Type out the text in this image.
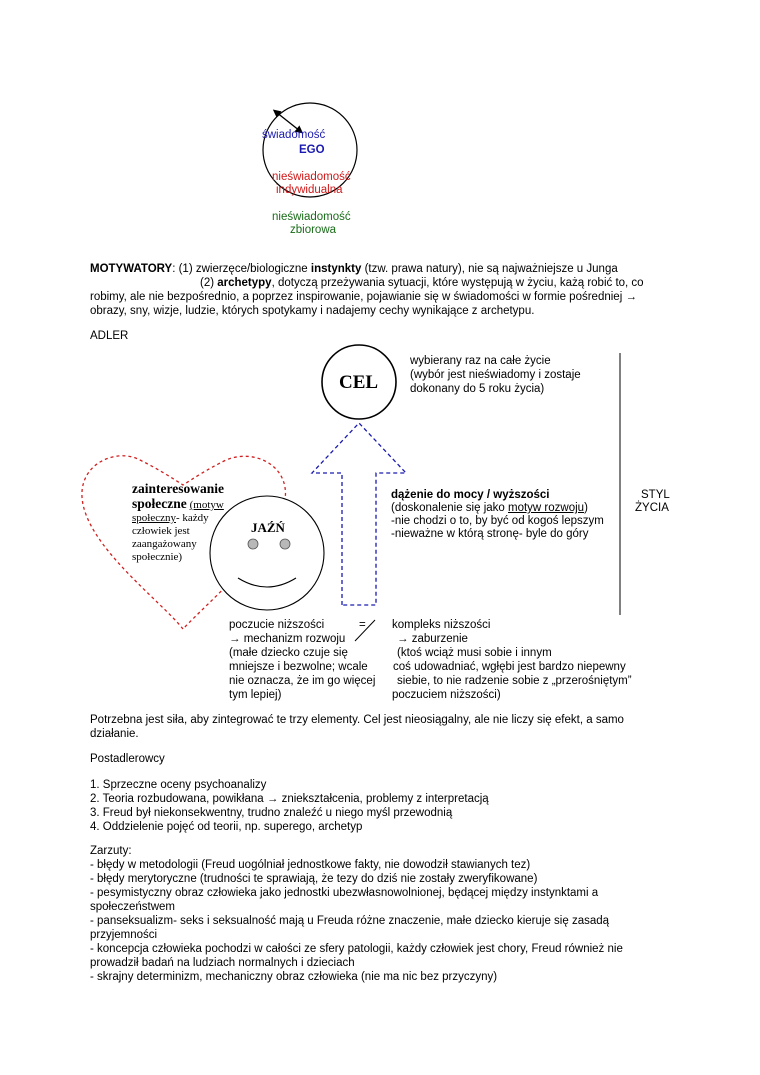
świadomość
EGO
nieświadomość
indywidualna
nieświadomość
zbiorowa
MOTYWATORY: (1) zwierzęce/biologiczne instynkty (tzw. prawa natury), nie są najważniejsze u Junga
(2) archetypy, dotyczą przeżywania sytuacji, które występują w życiu, każą robić to, co
robimy, ale nie bezpośrednio, a poprzez inspirowanie, pojawianie się w świadomości w formie pośredniej →
obrazy, sny, wizje, ludzie, których spotykamy i nadajemy cechy wynikające z archetypu.
ADLER
CEL
wybierany raz na całe życie
(wybór jest nieświadomy i zostaje
dokonany do 5 roku życia)
STYL
ŻYCIA
zainteresowanie
społeczne (motyw
społeczny- każdy
człowiek jest
zaangażowany
społecznie)
JAŹŃ
dążenie do mocy / wyższości
(doskonalenie się jako motyw rozwoju)
-nie chodzi o to, by być od kogoś lepszym
-nieważne w którą stronę- byle do góry
poczucie niższości
→ mechanizm rozwoju
(małe dziecko czuje się
mniejsze i bezwolne; wcale
nie oznacza, że im go więcej
tym lepiej)
= kompleks niższości
→ zaburzenie
(ktoś wciąż musi sobie i innym
coś udowadniać, wgłębi jest bardzo niepewny
siebie, to nie radzenie sobie z „przerośniętym”
poczuciem niższości)
Potrzebna jest siła, aby zintegrować te trzy elementy. Cel jest nieosiągalny, ale nie liczy się efekt, a samo
działanie.
Postadlerowcy
1. Sprzeczne oceny psychoanalizy
2. Teoria rozbudowana, powikłana → zniekształcenia, problemy z interpretacją
3. Freud był niekonsekwentny, trudno znaleźć u niego myśl przewodnią
4. Oddzielenie pojęć od teorii, np. superego, archetyp
Zarzuty:
- błędy w metodologii (Freud uogólniał jednostkowe fakty, nie dowodził stawianych tez)
- błędy merytoryczne (trudności te sprawiają, że tezy do dziś nie zostały zweryfikowane)
- pesymistyczny obraz człowieka jako jednostki ubezwłasnowolnionej, będącej między instynktami a
społeczeństwem
- panseksualizm- seks i seksualność mają u Freuda różne znaczenie, małe dziecko kieruje się zasadą
przyjemności
- koncepcja człowieka pochodzi w całości ze sfery patologii, każdy człowiek jest chory, Freud również nie
prowadził badań na ludziach normalnych i dzieciach
- skrajny determinizm, mechaniczny obraz człowieka (nie ma nic bez przyczyny)
